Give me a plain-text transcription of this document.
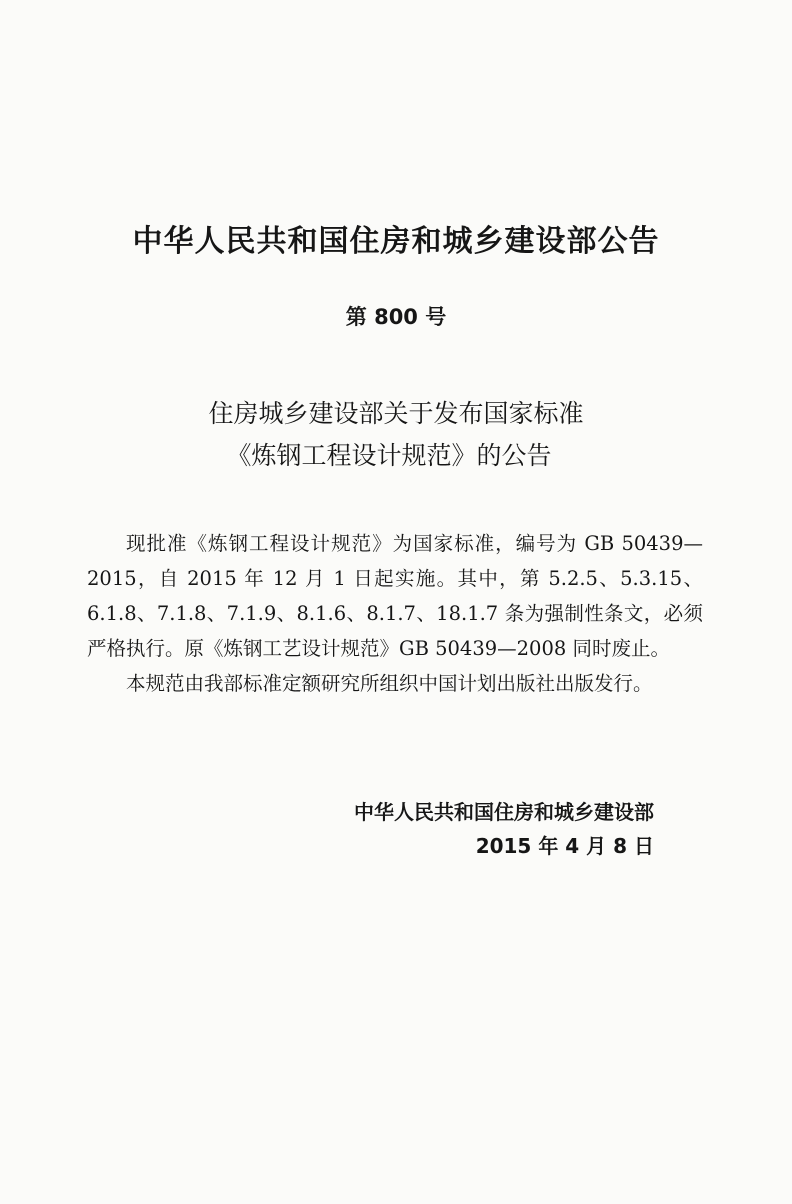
中华人民共和国住房和城乡建设部公告
第 800 号
住房城乡建设部关于发布国家标准
《炼钢工程设计规范》的公告

现批准《炼钢工程设计规范》为国家标准，编号为 GB 50439—2015，自 2015 年 12 月 1 日起实施。其中，第 5.2.5、5.3.15、6.1.8、7.1.8、7.1.9、8.1.6、8.1.7、18.1.7 条为强制性条文，必须严格执行。原《炼钢工艺设计规范》GB 50439—2008 同时废止。

本规范由我部标准定额研究所组织中国计划出版社出版发行。

中华人民共和国住房和城乡建设部
2015 年 4 月 8 日
